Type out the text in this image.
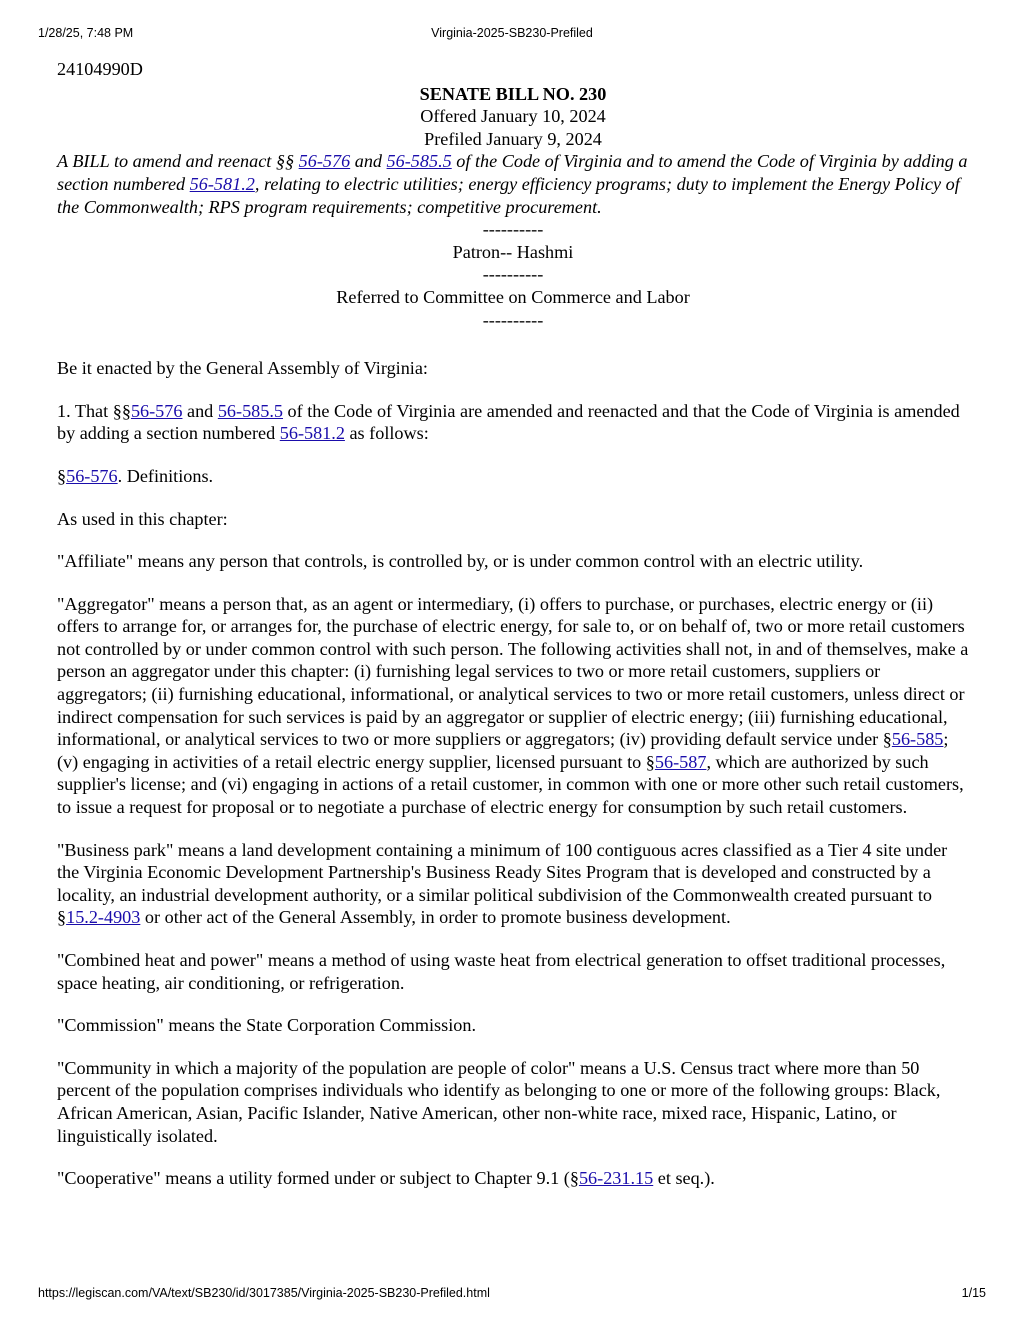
1/28/25, 7:48 PM	Virginia-2025-SB230-Prefiled

24104990D

SENATE BILL NO. 230

Offered January 10, 2024

Prefiled January 9, 2024

A BILL to amend and reenact §§ 56-576 and 56-585.5 of the Code of Virginia and to amend the Code of Virginia by adding a section numbered 56-581.2, relating to electric utilities; energy efficiency programs; duty to implement the Energy Policy of the Commonwealth; RPS program requirements; competitive procurement.

----------

Patron-- Hashmi

----------

Referred to Committee on Commerce and Labor

----------

Be it enacted by the General Assembly of Virginia:

1. That §§56-576 and 56-585.5 of the Code of Virginia are amended and reenacted and that the Code of Virginia is amended by adding a section numbered 56-581.2 as follows:

§56-576. Definitions.

As used in this chapter:

"Affiliate" means any person that controls, is controlled by, or is under common control with an electric utility.

"Aggregator" means a person that, as an agent or intermediary, (i) offers to purchase, or purchases, electric energy or (ii) offers to arrange for, or arranges for, the purchase of electric energy, for sale to, or on behalf of, two or more retail customers not controlled by or under common control with such person. The following activities shall not, in and of themselves, make a person an aggregator under this chapter: (i) furnishing legal services to two or more retail customers, suppliers or aggregators; (ii) furnishing educational, informational, or analytical services to two or more retail customers, unless direct or indirect compensation for such services is paid by an aggregator or supplier of electric energy; (iii) furnishing educational, informational, or analytical services to two or more suppliers or aggregators; (iv) providing default service under §56-585; (v) engaging in activities of a retail electric energy supplier, licensed pursuant to §56-587, which are authorized by such supplier's license; and (vi) engaging in actions of a retail customer, in common with one or more other such retail customers, to issue a request for proposal or to negotiate a purchase of electric energy for consumption by such retail customers.

"Business park" means a land development containing a minimum of 100 contiguous acres classified as a Tier 4 site under the Virginia Economic Development Partnership's Business Ready Sites Program that is developed and constructed by a locality, an industrial development authority, or a similar political subdivision of the Commonwealth created pursuant to §15.2-4903 or other act of the General Assembly, in order to promote business development.

"Combined heat and power" means a method of using waste heat from electrical generation to offset traditional processes, space heating, air conditioning, or refrigeration.

"Commission" means the State Corporation Commission.

"Community in which a majority of the population are people of color" means a U.S. Census tract where more than 50 percent of the population comprises individuals who identify as belonging to one or more of the following groups: Black, African American, Asian, Pacific Islander, Native American, other non-white race, mixed race, Hispanic, Latino, or linguistically isolated.

"Cooperative" means a utility formed under or subject to Chapter 9.1 (§56-231.15 et seq.).

https://legiscan.com/VA/text/SB230/id/3017385/Virginia-2025-SB230-Prefiled.html	1/15
